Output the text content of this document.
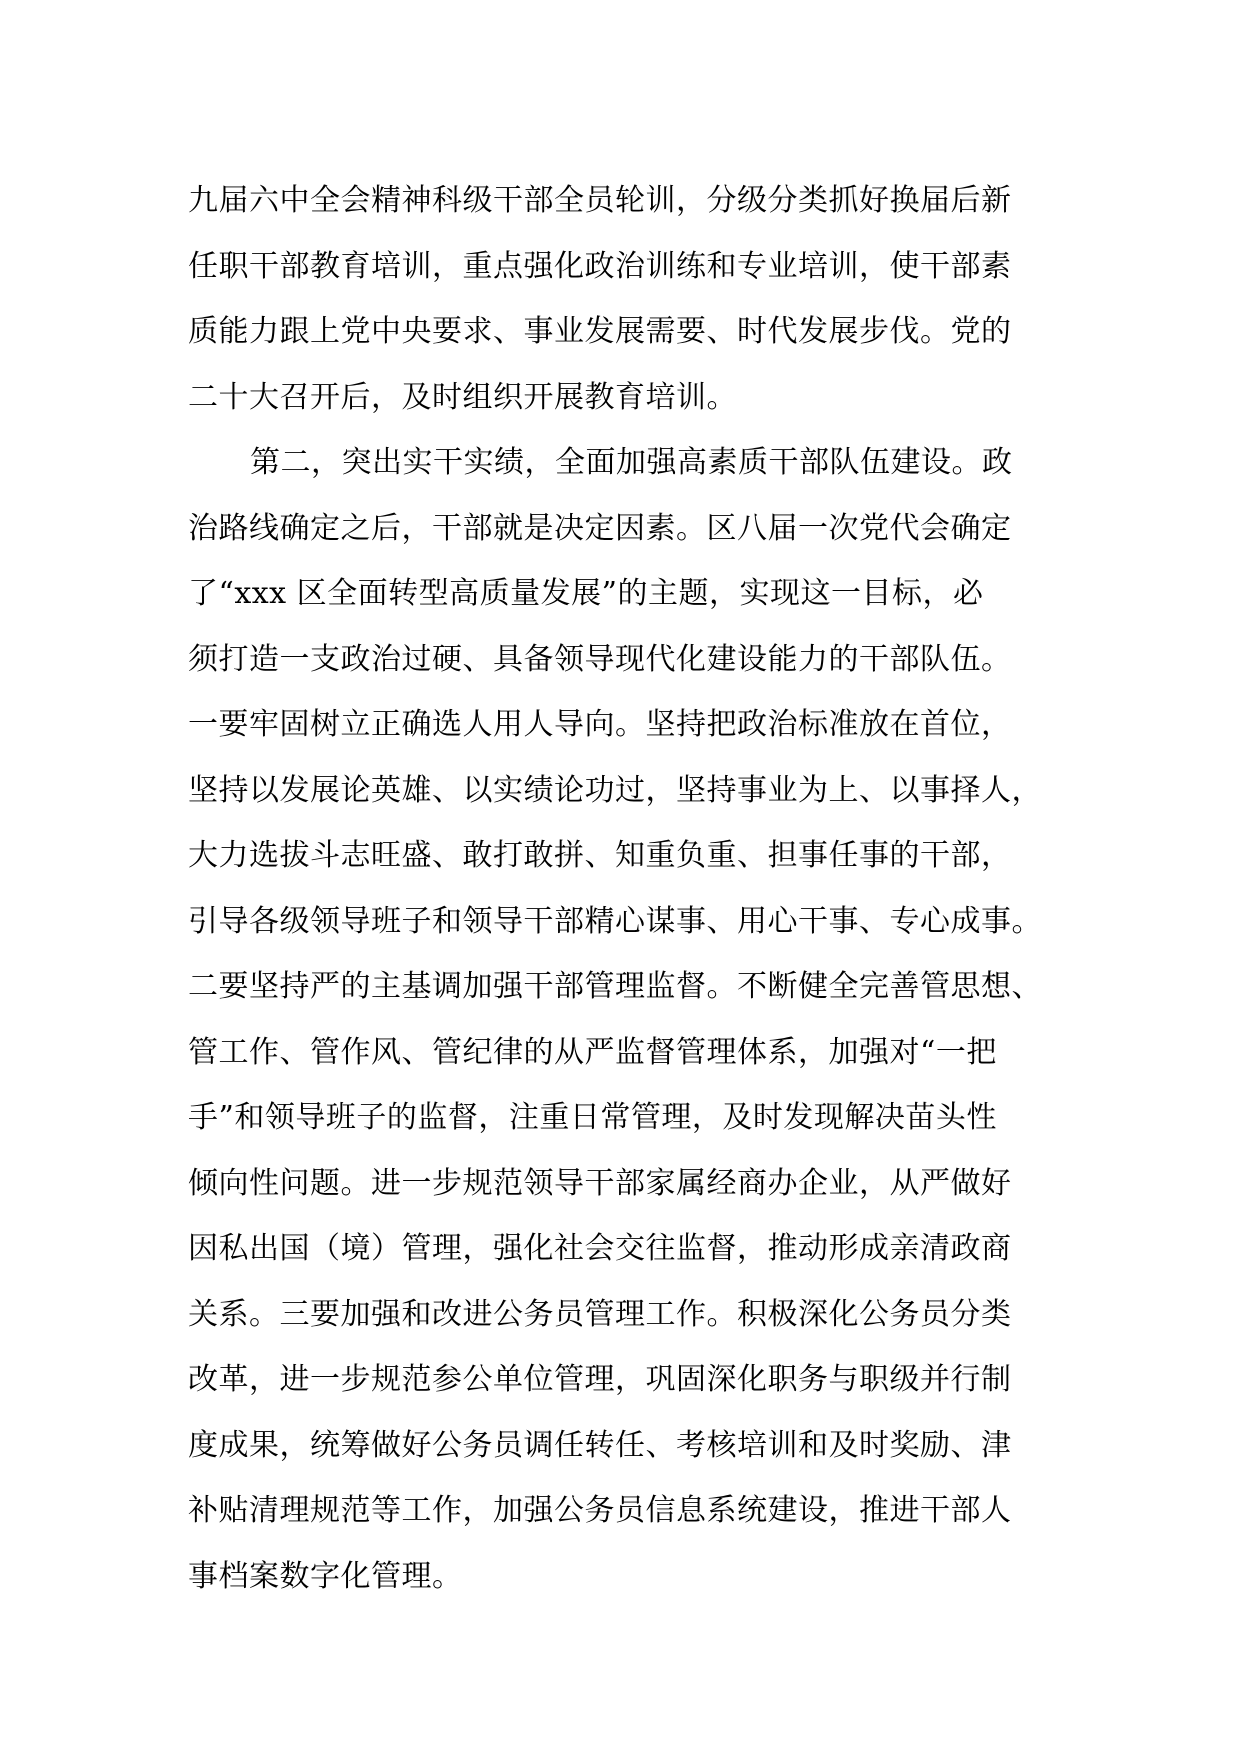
九届六中全会精神科级干部全员轮训，分级分类抓好换届后新
任职干部教育培训，重点强化政治训练和专业培训，使干部素
质能力跟上党中央要求、事业发展需要、时代发展步伐。党的
二十大召开后，及时组织开展教育培训。
第二，突出实干实绩，全面加强高素质干部队伍建设。政
治路线确定之后，干部就是决定因素。区八届一次党代会确定
了“xxx 区全面转型高质量发展”的主题，实现这一目标，必
须打造一支政治过硬、具备领导现代化建设能力的干部队伍。
一要牢固树立正确选人用人导向。坚持把政治标准放在首位，
坚持以发展论英雄、以实绩论功过，坚持事业为上、以事择人，
大力选拔斗志旺盛、敢打敢拼、知重负重、担事任事的干部，
引导各级领导班子和领导干部精心谋事、用心干事、专心成事。
二要坚持严的主基调加强干部管理监督。不断健全完善管思想、
管工作、管作风、管纪律的从严监督管理体系，加强对“一把
手”和领导班子的监督，注重日常管理，及时发现解决苗头性
倾向性问题。进一步规范领导干部家属经商办企业，从严做好
因私出国（境）管理，强化社会交往监督，推动形成亲清政商
关系。三要加强和改进公务员管理工作。积极深化公务员分类
改革，进一步规范参公单位管理，巩固深化职务与职级并行制
度成果，统筹做好公务员调任转任、考核培训和及时奖励、津
补贴清理规范等工作，加强公务员信息系统建设，推进干部人
事档案数字化管理。
